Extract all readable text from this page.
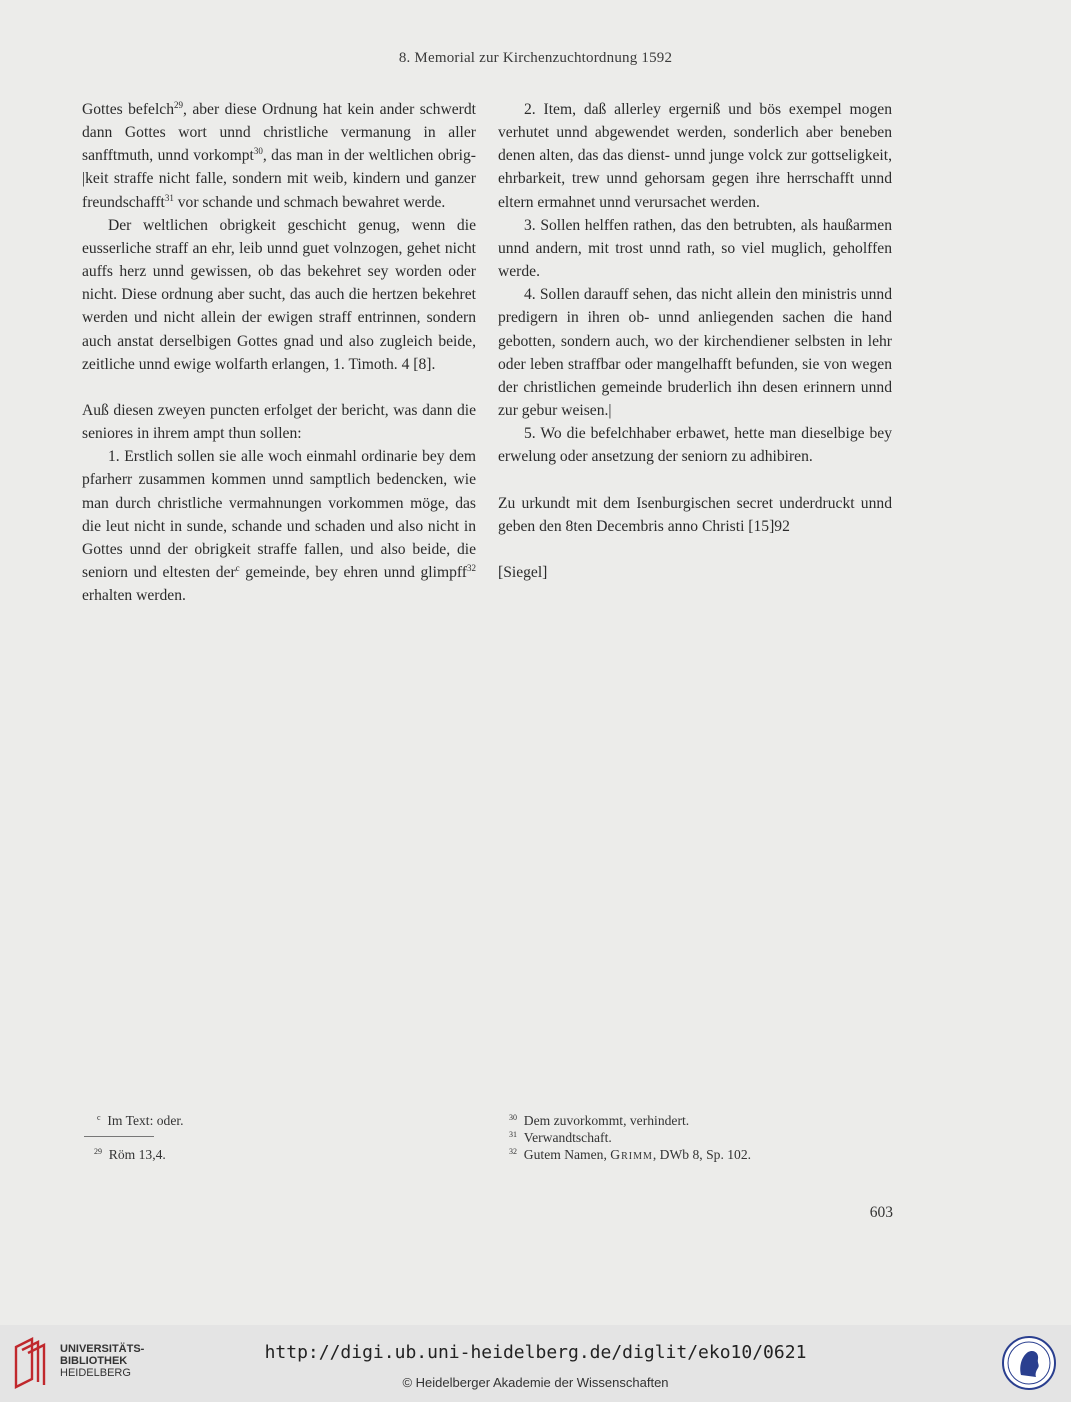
8. Memorial zur Kirchenzuchtordnung 1592

Gottes befelch$^{29}$, aber diese Ordnung hat kein ander schwerdt dann Gottes wort unnd christliche vermanung in aller sanfftmuth, unnd vorkompt$^{30}$, das man in der weltlichen obrig-|keit straffe nicht falle, sondern mit weib, kindern und ganzer freundschafft$^{31}$ vor schande und schmach bewahret werde.

Der weltlichen obrigkeit geschicht genug, wenn die eusserliche straff an ehr, leib unnd guet volnzogen, gehet nicht auffs herz unnd gewissen, ob das bekehret sey worden oder nicht. Diese ordnung aber sucht, das auch die hertzen bekehret werden und nicht allein der ewigen straff entrinnen, sondern auch anstat derselbigen Gottes gnad und also zugleich beide, zeitliche unnd ewige wolfarth erlangen, 1. Timoth. 4 [8].

Auß diesen zweyen puncten erfolget der bericht, was dann die seniores in ihrem ampt thun sollen:

1. Erstlich sollen sie alle woch einmahl ordinarie bey dem pfarherr zusammen kommen unnd samptlich bedencken, wie man durch christliche vermahnungen vorkommen möge, das die leut nicht in sunde, schande und schaden und also nicht in Gottes unnd der obrigkeit straffe fallen, und also beide, die seniorn und eltesten der$^c$ gemeinde, bey ehren unnd glimpff$^{32}$ erhalten werden.

2. Item, daß allerley ergerniß und bös exempel mogen verhutet unnd abgewendet werden, sonderlich aber beneben denen alten, das das dienst- unnd junge volck zur gottseligkeit, ehrbarkeit, trew unnd gehorsam gegen ihre herrschafft unnd eltern ermahnet unnd verursachet werden.

3. Sollen helffen rathen, das den betrubten, als haußarmen unnd andern, mit trost unnd rath, so viel muglich, geholffen werde.

4. Sollen darauff sehen, das nicht allein den ministris unnd predigern in ihren ob- unnd anliegenden sachen die hand gebotten, sondern auch, wo der kirchendiener selbsten in lehr oder leben straffbar oder mangelhafft befunden, sie von wegen der christlichen gemeinde bruderlich ihn desen erinnern unnd zur gebur weisen.|

5. Wo die befelchhaber erbawet, hette man dieselbige bey erwelung oder ansetzung der seniorn zu adhibiren.

Zu urkundt mit dem Isenburgischen secret underdruckt unnd geben den 8ten Decembris anno Christi [15]92

[Siegel]

$^c$ Im Text: oder.
$^{29}$ Röm 13,4.
$^{30}$ Dem zuvorkommt, verhindert.
$^{31}$ Verwandtschaft.
$^{32}$ Gutem Namen, Grimm, DWb 8, Sp. 102.
603
UNIVERSITÄTS-
BIBLIOTHEK
HEIDELBERG
http://digi.ub.uni-heidelberg.de/diglit/eko10/0621
© Heidelberger Akademie der Wissenschaften
